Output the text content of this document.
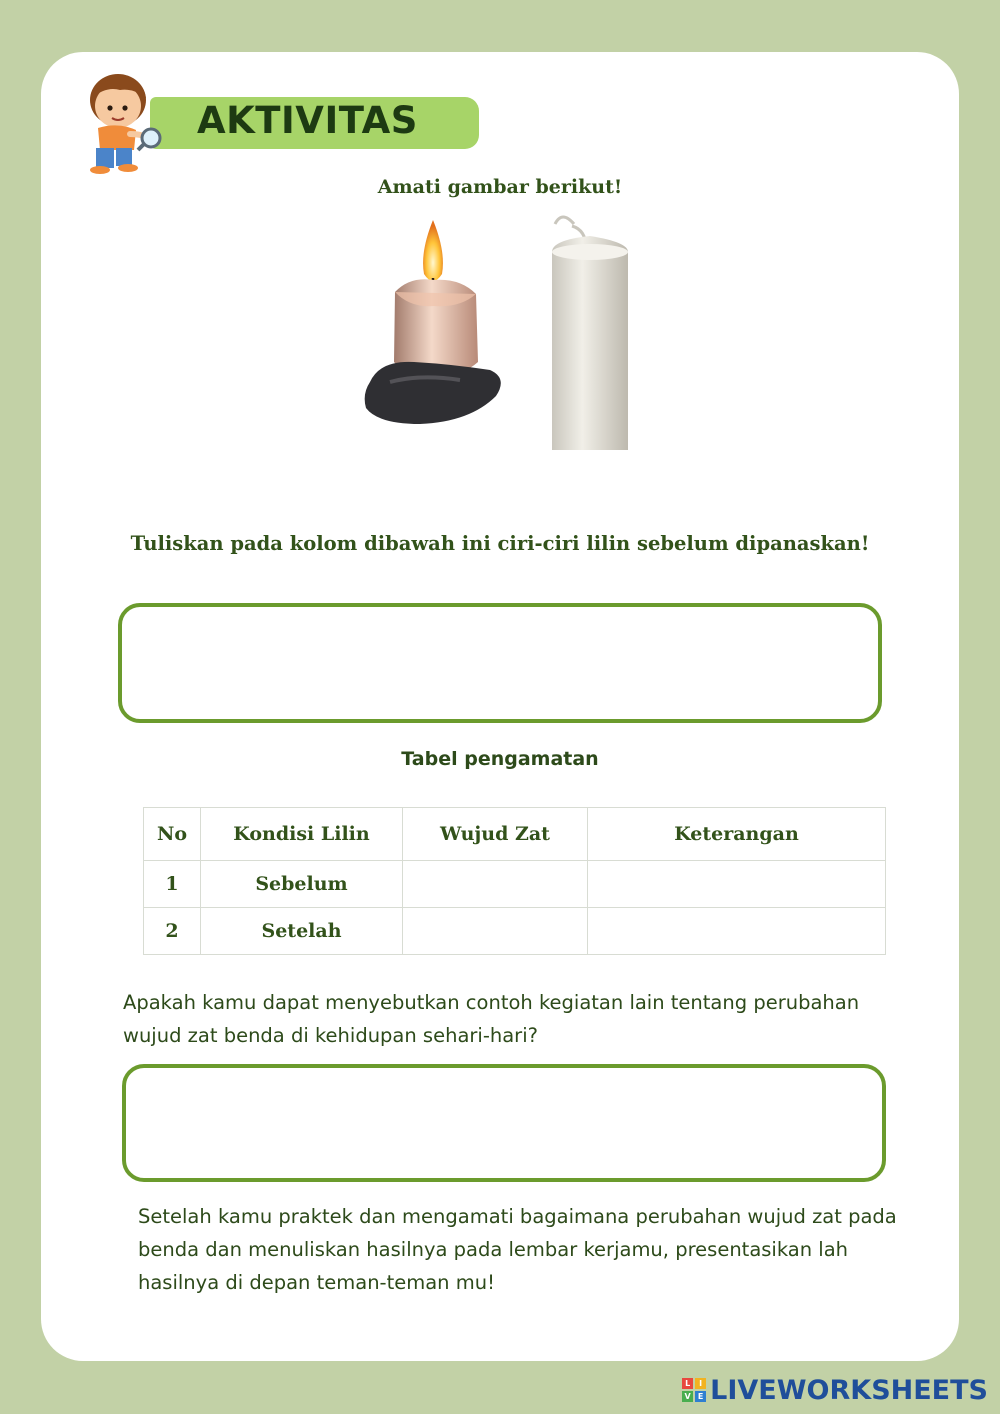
AKTIVITAS
Amati gambar berikut!
Tuliskan pada kolom dibawah ini ciri-ciri lilin sebelum dipanaskan!
Tabel pengamatan
No	Kondisi Lilin	Wujud Zat	Keterangan
1	Sebelum		
2	Setelah		
Apakah kamu dapat menyebutkan contoh kegiatan lain tentang perubahan wujud zat benda di kehidupan sehari-hari?
Setelah kamu praktek dan mengamati bagaimana perubahan wujud zat pada benda dan menuliskan hasilnya pada lembar kerjamu, presentasikan lah hasilnya di depan teman-teman mu!
L	I
V E LIVEWORKSHEETS
